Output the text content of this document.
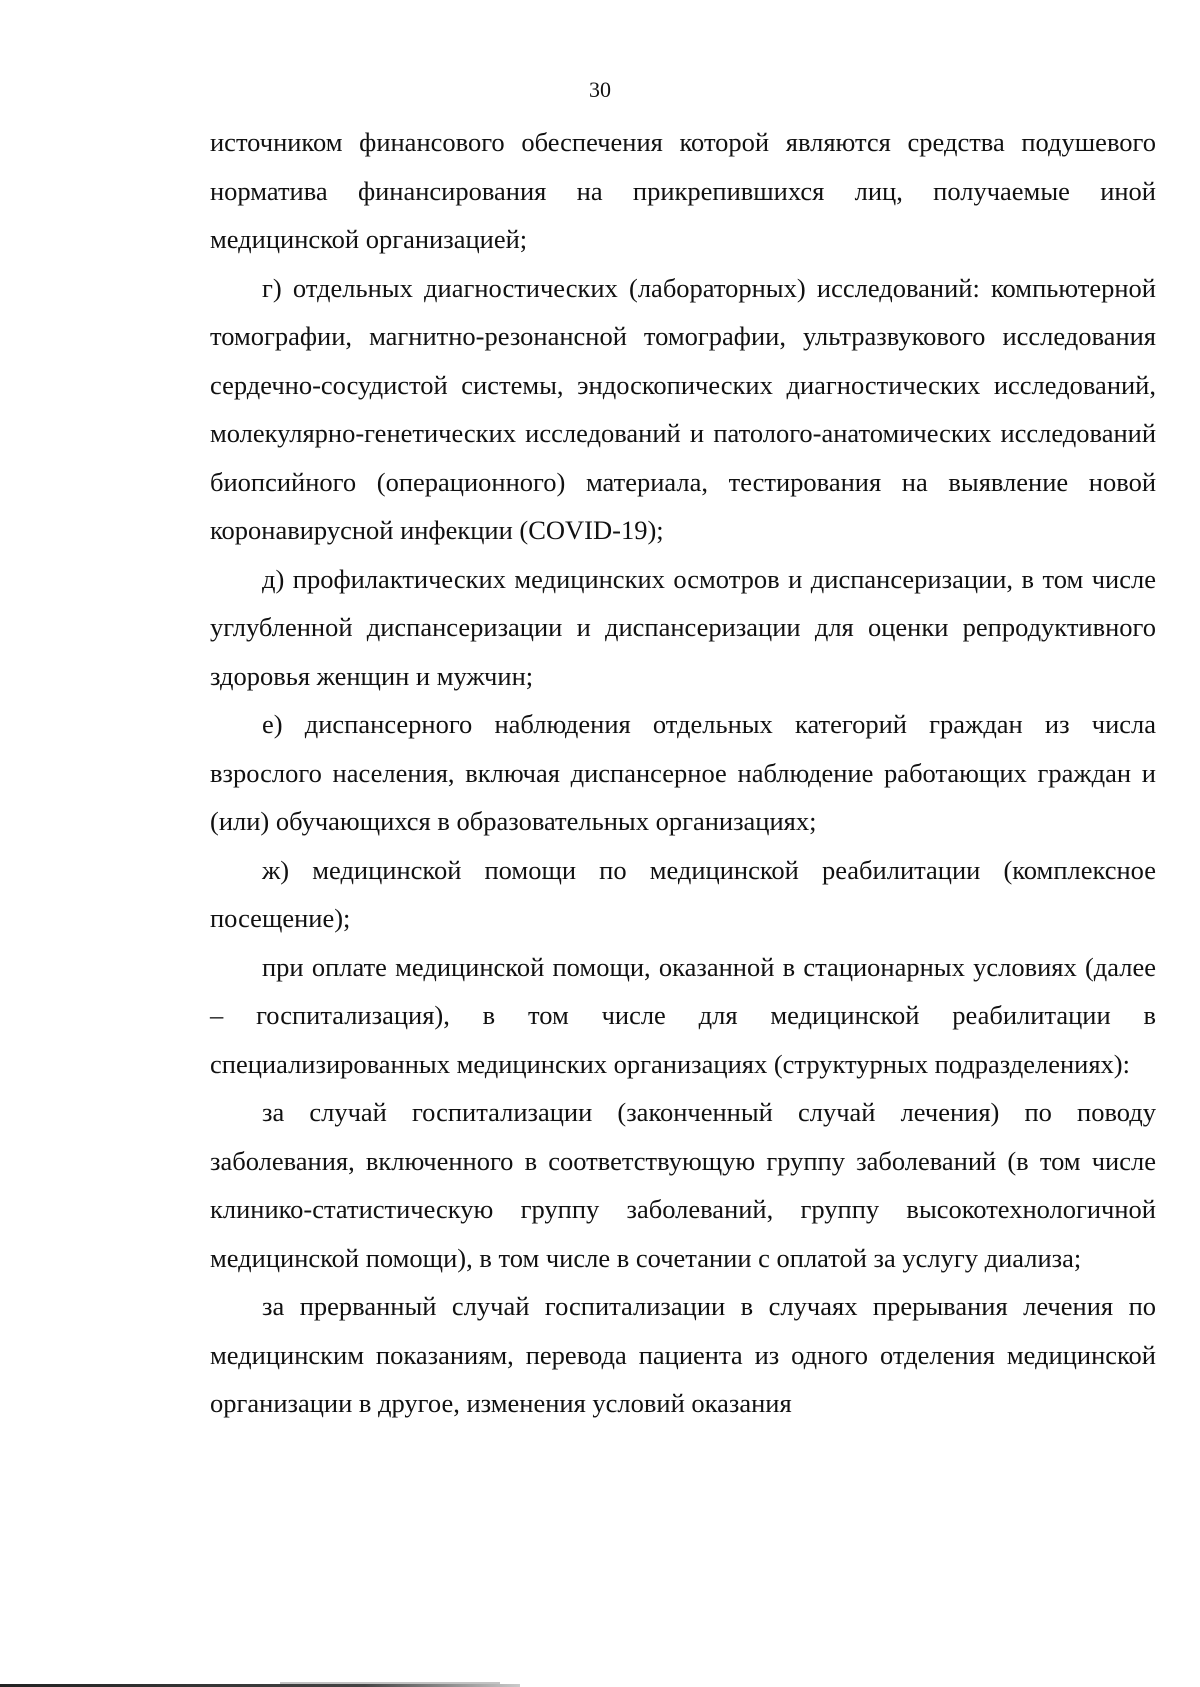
30

источником финансового обеспечения которой являются средства подушевого норматива финансирования на прикрепившихся лиц, получаемые иной медицинской организацией;

г) отдельных диагностических (лабораторных) исследований: компьютерной томографии, магнитно-резонансной томографии, ультразвукового исследования сердечно-сосудистой системы, эндоскопических диагностических исследований, молекулярно-генетических исследований и патолого-анатомических исследований биопсийного (операционного) материала, тестирования на выявление новой коронавирусной инфекции (COVID-19);

д) профилактических медицинских осмотров и диспансеризации, в том числе углубленной диспансеризации и диспансеризации для оценки репродуктивного здоровья женщин и мужчин;

е) диспансерного наблюдения отдельных категорий граждан из числа взрослого населения, включая диспансерное наблюдение работающих граждан и (или) обучающихся в образовательных организациях;

ж) медицинской помощи по медицинской реабилитации (комплексное посещение);

при оплате медицинской помощи, оказанной в стационарных условиях (далее – госпитализация), в том числе для медицинской реабилитации в специализированных медицинских организациях (структурных подразделениях):

за случай госпитализации (законченный случай лечения) по поводу заболевания, включенного в соответствующую группу заболеваний (в том числе клинико-статистическую группу заболеваний, группу высокотехнологичной медицинской помощи), в том числе в сочетании с оплатой за услугу диализа;

за прерванный случай госпитализации в случаях прерывания лечения по медицинским показаниям, перевода пациента из одного отделения медицинской организации в другое, изменения условий оказания
